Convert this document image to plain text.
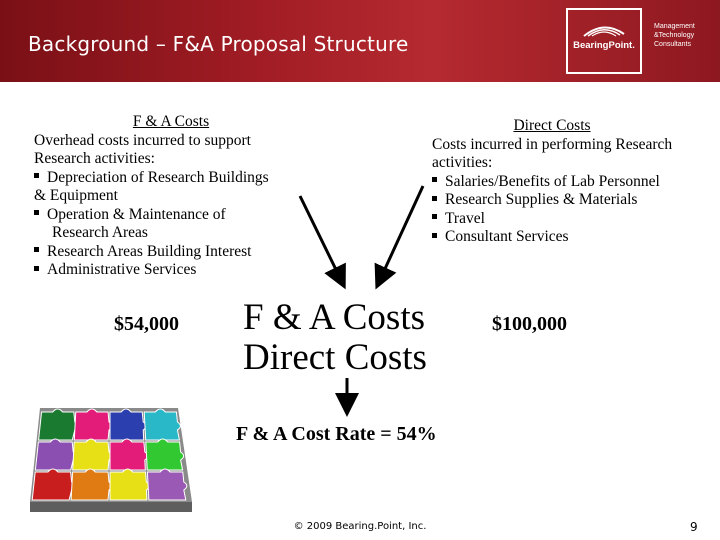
Background – F&A Proposal Structure	BearingPoint.
Management
&Technology
Consultants
F & A Costs
Overhead costs incurred to support
Research activities:
Depreciation of Research Buildings
& Equipment
Operation & Maintenance of
Research Areas
Research Areas Building Interest
Administrative Services
Direct Costs
Costs incurred in performing Research
activities:
Salaries/Benefits of Lab Personnel
Research Supplies & Materials
Travel
Consultant Services
$54,000	$100,000
F & A Costs
Direct Costs
F & A Cost Rate = 54%
© 2009 Bearing.Point, Inc.	9
